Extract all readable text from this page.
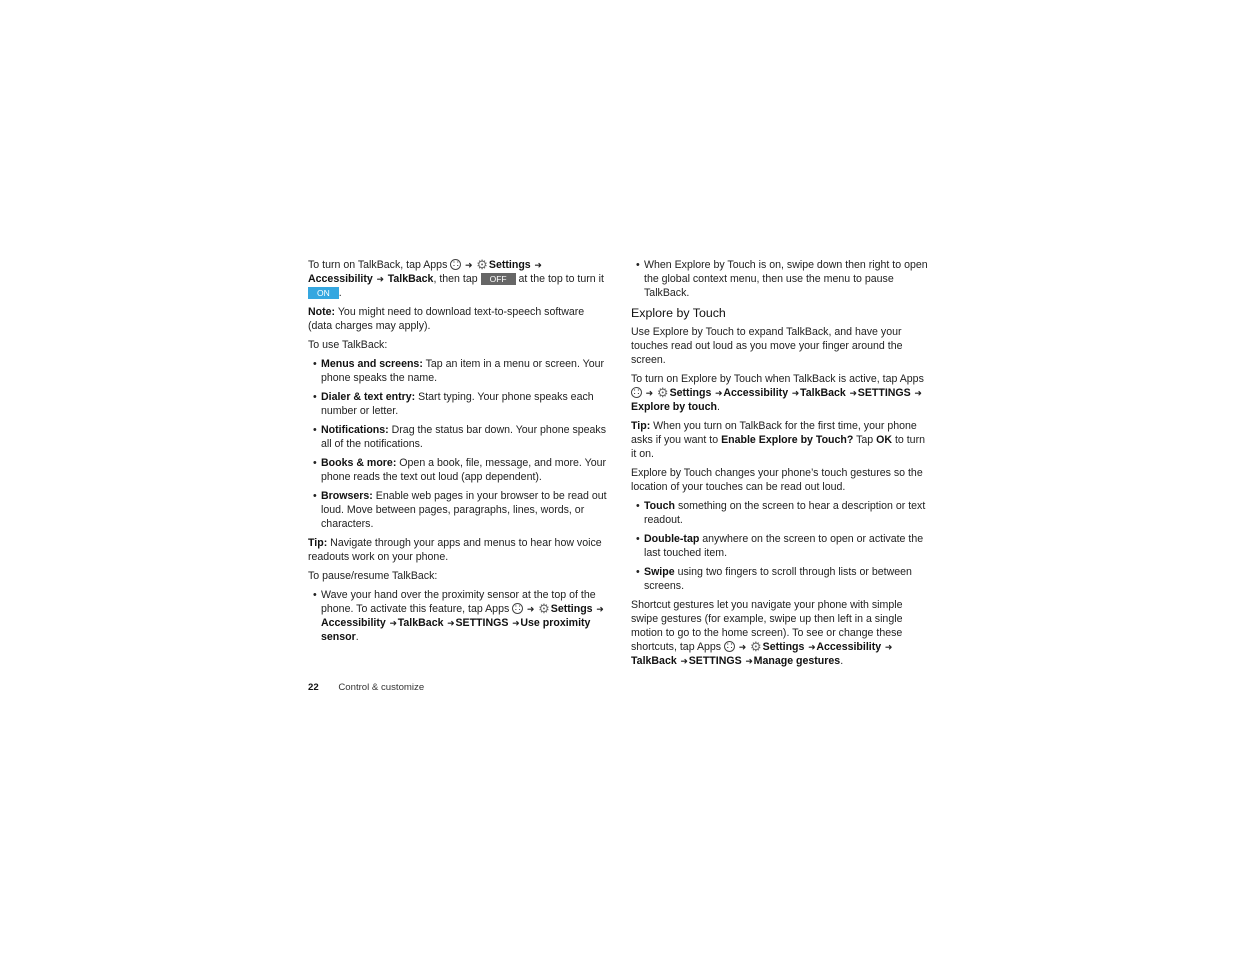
To turn on TalkBack, tap Apps ∷ ➜ ⚙Settings ➜ Accessibility ➜ TalkBack, then tap OFF at the top to turn it ON .

Note: You might need to download text-to-speech software (data charges may apply).

To use TalkBack:

• Menus and screens: Tap an item in a menu or screen. Your phone speaks the name.
• Dialer & text entry: Start typing. Your phone speaks each number or letter.
• Notifications: Drag the status bar down. Your phone speaks all of the notifications.
• Books & more: Open a book, file, message, and more. Your phone reads the text out loud (app dependent).
• Browsers: Enable web pages in your browser to be read out loud. Move between pages, paragraphs, lines, words, or characters.

Tip: Navigate through your apps and menus to hear how voice readouts work on your phone.

To pause/resume TalkBack:

• Wave your hand over the proximity sensor at the top of the phone. To activate this feature, tap Apps ∷ ➜ ⚙Settings ➜Accessibility ➜TalkBack ➜SETTINGS ➜Use proximity sensor.
• When Explore by Touch is on, swipe down then right to open the global context menu, then use the menu to pause TalkBack.
Explore by Touch

Use Explore by Touch to expand TalkBack, and have your touches read out loud as you move your finger around the screen.

To turn on Explore by Touch when TalkBack is active, tap Apps ∷ ➜ ⚙Settings ➜Accessibility ➜TalkBack ➜SETTINGS ➜Explore by touch.

Tip: When you turn on TalkBack for the first time, your phone asks if you want to Enable Explore by Touch? Tap OK to turn it on.

Explore by Touch changes your phone’s touch gestures so the location of your touches can be read out loud.

• Touch something on the screen to hear a description or text readout.
• Double-tap anywhere on the screen to open or activate the last touched item.
• Swipe using two fingers to scroll through lists or between screens.

Shortcut gestures let you navigate your phone with simple swipe gestures (for example, swipe up then left in a single motion to go to the home screen). To see or change these shortcuts, tap Apps ∷ ➜ ⚙Settings ➜Accessibility ➜TalkBack ➜SETTINGS ➜Manage gestures.

22 Control & customize
